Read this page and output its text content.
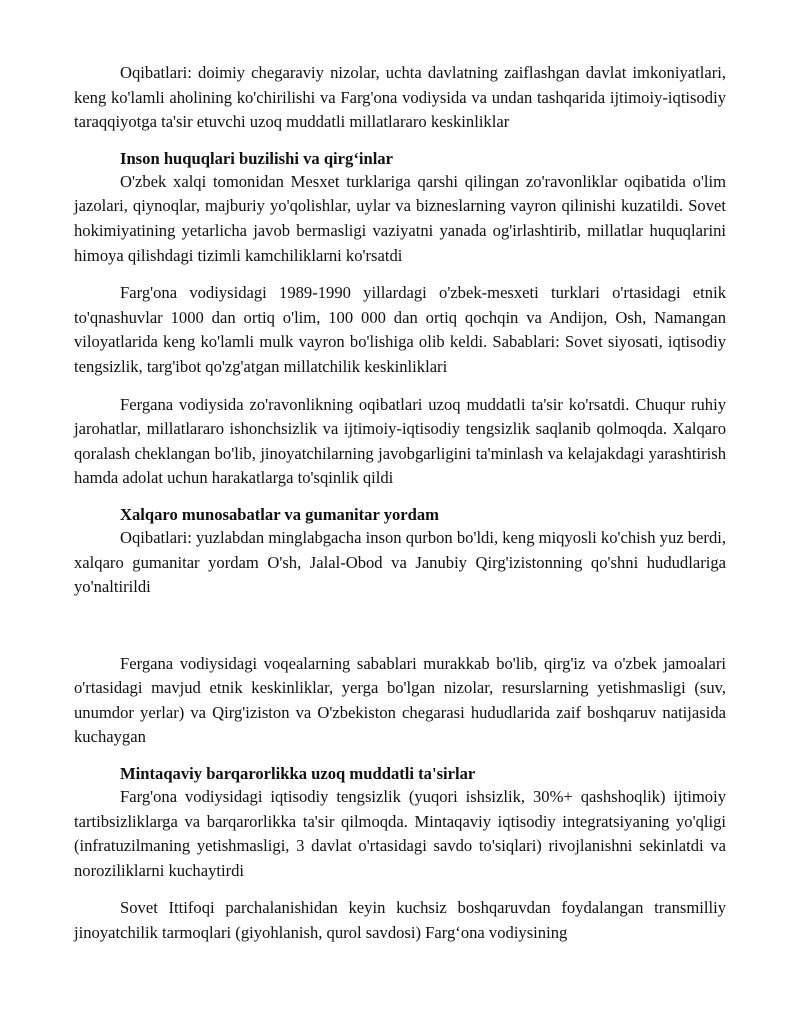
Oqibatlari: doimiy chegaraviy nizolar, uchta davlatning zaiflashgan davlat imkoniyatlari, keng ko'lamli aholining ko'chirilishi va Farg'ona vodiysida va undan tashqarida ijtimoiy-iqtisodiy taraqqiyotga ta'sir etuvchi uzoq muddatli millatlararo keskinliklar

Inson huquqlari buzilishi va qirg‘inlar

O'zbek xalqi tomonidan Mesxet turklariga qarshi qilingan zo'ravonliklar oqibatida o'lim jazolari, qiynoqlar, majburiy yo'qolishlar, uylar va bizneslarning vayron qilinishi kuzatildi. Sovet hokimiyatining yetarlicha javob bermasligi vaziyatni yanada og'irlashtirib, millatlar huquqlarini himoya qilishdagi tizimli kamchiliklarni ko'rsatdi

Farg'ona vodiysidagi 1989-1990 yillardagi o'zbek-mesxeti turklari o'rtasidagi etnik to'qnashuvlar 1000 dan ortiq o'lim, 100 000 dan ortiq qochqin va Andijon, Osh, Namangan viloyatlarida keng ko'lamli mulk vayron bo'lishiga olib keldi. Sabablari: Sovet siyosati, iqtisodiy tengsizlik, targ'ibot qo'zg'atgan millatchilik keskinliklari

Fergana vodiysida zo'ravonlikning oqibatlari uzoq muddatli ta'sir ko'rsatdi. Chuqur ruhiy jarohatlar, millatlararo ishonchsizlik va ijtimoiy-iqtisodiy tengsizlik saqlanib qolmoqda. Xalqaro qoralash cheklangan bo'lib, jinoyatchilarning javobgarligini ta'minlash va kelajakdagi yarashtirish hamda adolat uchun harakatlarga to'sqinlik qildi

Xalqaro munosabatlar va gumanitar yordam

Oqibatlari: yuzlabdan minglabgacha inson qurbon bo'ldi, keng miqyosli ko'chish yuz berdi, xalqaro gumanitar yordam O'sh, Jalal-Obod va Janubiy Qirg'izistonning qo'shni hududlariga yo'naltirildi

Fergana vodiysidagi voqealarning sabablari murakkab bo'lib, qirg'iz va o'zbek jamoalari o'rtasidagi mavjud etnik keskinliklar, yerga bo'lgan nizolar, resurslarning yetishmasligi (suv, unumdor yerlar) va Qirg'iziston va O'zbekiston chegarasi hududlarida zaif boshqaruv natijasida kuchaygan

Mintaqaviy barqarorlikka uzoq muddatli ta'sirlar

Farg'ona vodiysidagi iqtisodiy tengsizlik (yuqori ishsizlik, 30%+ qashshoqlik) ijtimoiy tartibsizliklarga va barqarorlikka ta'sir qilmoqda. Mintaqaviy iqtisodiy integratsiyaning yo'qligi (infratuzilmaning yetishmasligi, 3 davlat o'rtasidagi savdo to'siqlari) rivojlanishni sekinlatdi va noroziliklarni kuchaytirdi

Sovet Ittifoqi parchalanishidan keyin kuchsiz boshqaruvdan foydalangan transmilliy jinoyatchilik tarmoqlari (giyohlanish, qurol savdosi) Farg‘ona vodiysining
